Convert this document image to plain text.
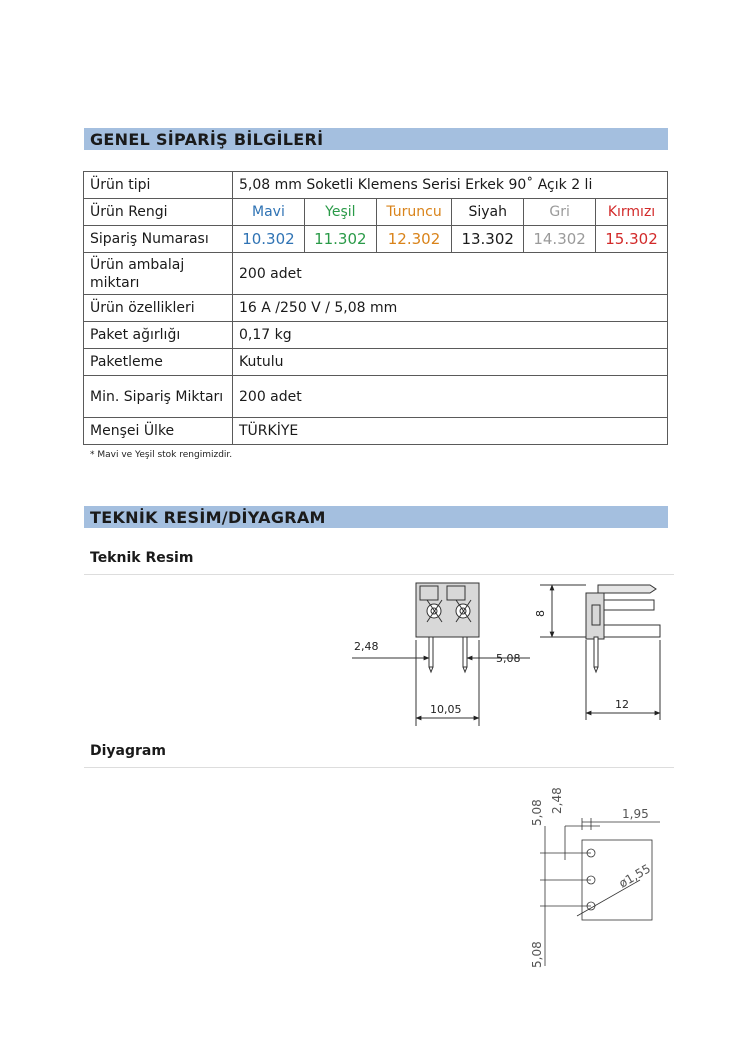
GENEL SİPARİŞ BİLGİLERİ
Ürün tipi	5,08 mm Soketli Klemens Serisi Erkek 90˚ Açık 2 li					
Ürün Rengi	Mavi	Yeşil	Turuncu	Siyah	Gri	Kırmızı
Sipariş Numarası	10.302	11.302	12.302	13.302	14.302	15.302
Ürün ambalaj miktarı	200 adet					
Ürün özellikleri	16 A /250 V / 5,08 mm					
Paket ağırlığı	0,17 kg					
Paketleme	Kutulu					
Min. Sipariş Miktarı	200 adet					
Menşei Ülke	TÜRKİYE					
* Mavi ve Yeşil stok rengimizdir.
TEKNİK RESİM/DİYAGRAM
Teknik Resim
2,48
5,08
10,05
8
12
Diyagram
5,08 2,48	1,95
ø1,55
5,08
